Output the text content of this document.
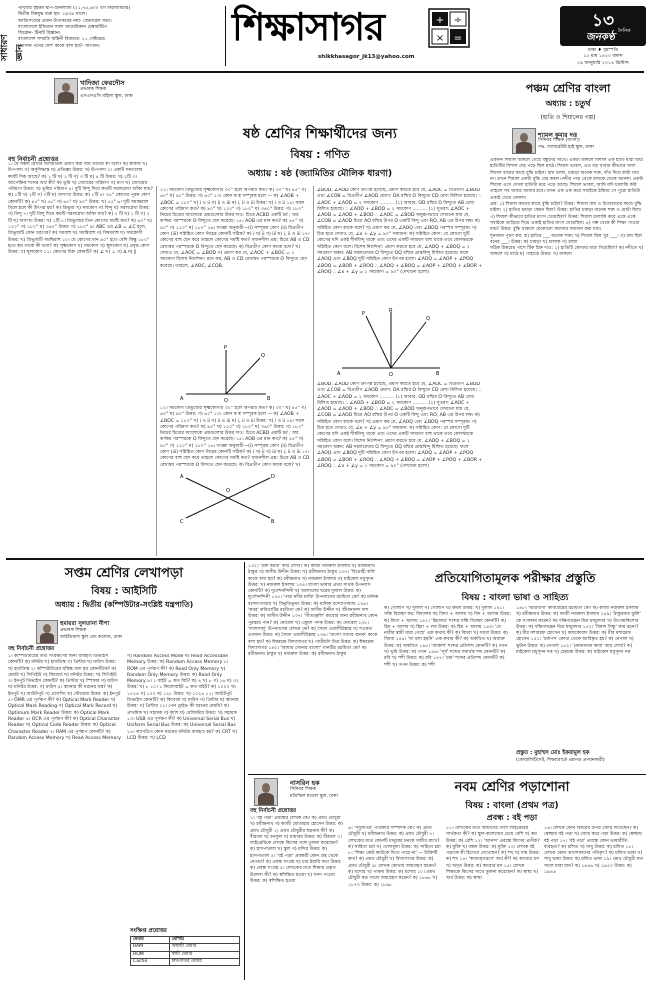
সাধারণ জ্ঞান
পৃথিবীর বৃহত্তম দ্বীপ-গ্রীনল্যান্ড (২১,৭৫,৬০০ বর্গ কিলোমিটার)
দ্বিতীয় বিশ্বযুদ্ধ শুরু হয়- ১৯৩৯ সালে।
জাতিসংঘের প্রধান উপাত্তবের নাম- জেনারেল সভা।
বাংলাদেশে ইন্ডিয়ান সালা আমেরিকান মেম্বারস্টিপ
ফিফ্রেন- টিনার্ট বিজ্ঞান।
বাংলাদেশ সম্প্রতি বাহিনী বিবাচার- ১১ সেক্টরের।
'আসান পথের দেশ' কাকে বলা হয়?- জাপান।	শিক্ষাসাগর	+ ÷
× =
shikkhasagor_jk13@yahoo.com
১৩ দৈনিক
জনকণ্ঠ
ঢাকা ♦ বৃহস্পতি
১৫ মাঘ ১৪২০ বঙ্গাব্দ
২৯ জানুয়ারি ২০১৪ খ্রিস্টাব্দ
খাদিজা ফেরদৌস
প্রভাষক শিক্ষক
এসএসএসি মহিলা স্কুল, ঢাকা
ষষ্ঠ শ্রেণির শিক্ষার্থীদের জন্য
বিষয় : গণিত
অধ্যায় : ষষ্ঠ (জ্যামিতির মৌলিক ধারণা)
বহু নির্বাচনী প্রশ্নোত্তর
১। যে সকল রেখার জ্যামিতিক প্রমাণ করা যায় তাদের কী বলে? ক) স্বীকার্য খ) উপপাদ্য গ) অনুসিদ্ধান্ত ঘ) প্রতিজ্ঞা উত্তর: খ) উপপাদ্য ২। একটি সমতলের কয়টি দিক আছে? ক) ১ টি খ) ২ টি গ) ৩ টি ঘ) ৪ টি উত্তর: খ) ২টি ৩। আপেক্ষিক শব্দের অর্থ কী? ক) ভূমি খ) জ্যোমের পরিমাপ গ) মাপ খ) জ্যোমের পরিমাপ উত্তর: খ) ভূমির পরিমাপ ৪। দুটি বিন্দু দিয়ে কতটি সরলরেখা আঁকা যায়? ক) ১টি খ) ২টি গ) ৩টি ঘ) অসংখ্য উত্তর: ক) ১টি ৫। ৩৫° কোণের পূরক কোণ কোনটি? ক) ৪৫° খ) ৫৫° গ) ৬৫° ঘ) ৯০° উত্তর: খ) ৫৫° ৬। দুটি সমান্তরাল মিলে হলে কী উৎপন্ন হয়? ক) ত্রিভুজ খ) সমকোণ গ) বিন্দু ঘ) সরলরেখা উত্তর: গ) বিন্দু ৭। দুটি বিন্দু দিয়ে কয়টি সরলরেখা আঁকা যায়? ক) ০ টি খ) ১ টি গ) ২ টি ঘ) অসংখ্য উত্তর: খ) ১টি ৮। ত্রিভুজের তিন কোণের সমষ্টি কত? ক) ৬০° খ) ১২০° গ) ১৮০° ঘ) ৩৬০° উত্তর: গ) ১৮০° ৯। ABC এর ∠B = ∠C হলে, ত্রিভুজটি কোন ধরণের? ক) সমবাহু খ) সমদ্বিবাহু গ) বিষমবাহু ঘ) সমকোণী উত্তর: খ) ত্রিভুজটি সমদ্বিবাহু ১০। যে কোণের মান ৯০° হতে বেশি কিন্তু ১৮০° হতে কম তাকে কী বলে? ক) সূক্ষ্মকোণ খ) সমকোণ গ) স্থূলকোণ ঘ) প্রবৃদ্ধ কোণ উত্তর: গ) স্থূলকোণ ১১। কোণের চিহ্ন কোনটি? ক) ∠ খ) ⊥ গ) ∆ ঘ) ∥
১২। সমকোণ ত্রিভুজের সূক্ষ্মকোণটি ৩০° হলে অপরটি কত? ক) ৩০° খ) ৪৫° গ) ৬০° ঘ) ৯০° উত্তর: গ) ৬০° ১৩। কোন ক ঙ্ক সম্পূরক হলে — ক) ∠AOB + ∠BOC = ১৮০° খ) i ও ii গ) ii ও iii ঘ) i, ii ও iii উত্তর: খ) i ও ii ১৪। সরল কোণের পরিমাণ কত? ক) ৯০° খ) ১২০° গ) ১৮০° ঘ) ৩৬০° উত্তর: গ) ১৮০° নিচের চিত্রের আলোকে প্রশ্নগুলোর উত্তর দাও: চিত্রে ACBD একটি চর্ম ; যার কর্ণদ্বয় পরস্পরকে O বিন্দুতে ছেদ করেছে। ১৫। AOB এর মান কত? ক) ৪৫° খ) ৯০° গ) ১২০° ঘ) ১৮০° ১৬। সংজ্ঞা অনুযায়ী—(i) সম্পূরক কোণ (ii) বিপ্রতীপ কোণ (iii) সন্নিহিত কোণ নিচের কোনটি সঠিক? ক) i খ) ii গ) iii ঘ) i, ii ও iii ১৭। কোণের বাহু ছেদ করে তাহলে কোণের সমষ্টি কত? সৃজনশীল প্রশ্ন: চিত্রে AB ও CD রেখাদ্বয় পরস্পরকে O বিন্দুতে ছেদ করেছে। ক) বিপ্রতীপ কোণ কাকে বলে? খ) দেখাও যে, ∠AOC = ∠BOD গ) প্রমাণ কর যে, ∠AOC + ∠BOC = ২ সমকোণ বিশেষ নির্দেশনা: মনে কর, AB ও CD রেখাদ্বয় পরস্পরকে O বিন্দুতে ছেদ করেছে। তাহলে, ∠AOC, ∠COB,
A	B
P
Q
O
১২। সমকোণ ত্রিভুজের সূক্ষ্মকোণটি ৩০° হলে অপরটি কত? ক) ৩০° খ) ৪৫° গ) ৬০° ঘ) ৯০° উত্তর: গ) ৬০° ১৩। কোন ক ঙ্ক সম্পূরক হলে — ক) ∠AOB + ∠BOC = ১৮০° খ) i ও ii গ) ii ও iii ঘ) i, ii ও iii উত্তর: খ) i ও ii ১৪। সরল কোণের পরিমাণ কত? ক) ৯০° খ) ১২০° গ) ১৮০° ঘ) ৩৬০° উত্তর: গ) ১৮০° নিচের চিত্রের আলোকে প্রশ্নগুলোর উত্তর দাও: চিত্রে ACBD একটি চর্ম ; যার কর্ণদ্বয় পরস্পরকে O বিন্দুতে ছেদ করেছে। ১৫। AOB এর মান কত? ক) ৪৫° খ) ৯০° গ) ১২০° ঘ) ১৮০° ১৬। সংজ্ঞা অনুযায়ী—(i) সম্পূরক কোণ (ii) বিপ্রতীপ কোণ (iii) সন্নিহিত কোণ নিচের কোনটি সঠিক? ক) i খ) ii গ) iii ঘ) i, ii ও iii ১৭। কোণের বাহু ছেদ করে তাহলে কোণের সমষ্টি কত? সৃজনশীল প্রশ্ন: চিত্রে AB ও CD রেখাদ্বয় পরস্পরকে O বিন্দুতে ছেদ করেছে। ক) বিপ্রতীপ কোণ কাকে বলে? খ)
A
B
C
D
O
∠BOD, ∠AOD কোণ উৎপন্ন হয়েছে, প্রমাণ করতে হবে যে, ∠AOC = বিপ্রতীপ ∠BOD এবং ∠COB = বিপ্রতীপ ∠AOD প্রমাণ: OA রশ্মির O বিন্দুতে CD রেখা মিলিত হয়েছে। ∴ ∠AOC + ∠AOD = ২ সমকোণ .......... (১) আবার, OD রশ্মির O বিন্দুতে AB রেখা মিলিত হয়েছে। ∴ ∠AOD + ∠BOD = ২ সমকোণ .......... (২) সুতরাং ∠AOC + ∠AOD = ∠AOD + ∠BOD ∴ ∠AOC = ∠BOD অনুরূপভাবে দেখানো যায় যে, ∠COB = ∠AOD চিত্রে AO রশ্মির উপর O একটি বিন্দু এবং RO, AB এর উপর লম্ব। ক) সন্নিহিত কোণ কাকে বলে? খ) প্রমাণ কর যে, ∠AOQ এবং ∠BOQ পরস্পর সম্পূরক। গ) চিত্র হতে দেখাও যে, ∠x + ∠y = ৯০° সমাধান: ক) সন্নিহিত কোণ: যে কোণো দুটি কোণের যদি একই শীর্ষবিন্দু থাকে এবং এদের একটি সাধারণ বাহু থাকে তবে কোণদ্বয়কে সন্নিহিত কোণ বলে। বিশেষ নির্দেশনা: প্রমাণ করতে হবে যে, ∠AOQ + ∠BOQ = ২ সমকোণ অঙ্কন: AB সরলরেখার O বিন্দুতে OQ রশ্মির প্রান্তবিন্দু মিলিত হয়েছে। ফলে ∠AOQ এবং ∠BOQ দুটি সন্নিহিত কোণ উৎপন্ন হলো। ∠AOQ = ∠AOP + ∠POQ ∠BOQ = ∠BOR + ∠ROQ ∴ ∠AOQ + ∠BOQ = ∠AOP + ∠POQ + ∠BOR + ∠ROQ ∴ ∠x + ∠y = ১ সমকোণ = ৯০° (দেখানো হলো)
A	B
P	R
Q
O
∠BOD, ∠AOD কোণ উৎপন্ন হয়েছে, প্রমাণ করতে হবে যে, ∠AOC = বিপ্রতীপ ∠BOD এবং ∠COB = বিপ্রতীপ ∠AOD প্রমাণ: OA রশ্মির O বিন্দুতে CD রেখা মিলিত হয়েছে। ∴ ∠AOC + ∠AOD = ২ সমকোণ .......... (১) আবার, OD রশ্মির O বিন্দুতে AB রেখা মিলিত হয়েছে। ∴ ∠AOD + ∠BOD = ২ সমকোণ .......... (২) সুতরাং ∠AOC + ∠AOD = ∠AOD + ∠BOD ∴ ∠AOC = ∠BOD অনুরূপভাবে দেখানো যায় যে, ∠COB = ∠AOD চিত্রে AO রশ্মির উপর O একটি বিন্দু এবং RO, AB এর উপর লম্ব। ক) সন্নিহিত কোণ কাকে বলে? খ) প্রমাণ কর যে, ∠AOQ এবং ∠BOQ পরস্পর সম্পূরক। গ) চিত্র হতে দেখাও যে, ∠x + ∠y = ৯০° সমাধান: ক) সন্নিহিত কোণ: যে কোণো দুটি কোণের যদি একই শীর্ষবিন্দু থাকে এবং এদের একটি সাধারণ বাহু থাকে তবে কোণদ্বয়কে সন্নিহিত কোণ বলে। বিশেষ নির্দেশনা: প্রমাণ করতে হবে যে, ∠AOQ + ∠BOQ = ২ সমকোণ অঙ্কন: AB সরলরেখার O বিন্দুতে OQ রশ্মির প্রান্তবিন্দু মিলিত হয়েছে। ফলে ∠AOQ এবং ∠BOQ দুটি সন্নিহিত কোণ উৎপন্ন হলো। ∠AOQ = ∠AOP + ∠POQ ∠BOQ = ∠BOR + ∠ROQ ∴ ∠AOQ + ∠BOQ = ∠AOP + ∠POQ + ∠BOR + ∠ROQ ∴ ∠x + ∠y = ১ সমকোণ = ৯০° (দেখানো হলো)
পঞ্চম শ্রেণির বাংলা
অধ্যায় : চতুর্থ
(হাতি ও শিয়ালের গল্প)
শ্যামল কুমার দত্ত
সিনিয়র শিক্ষক (বাংলা)
গভ. ল্যাবরেটরি হাই স্কুল, ঢাকা
একদিন শিয়াল জঙ্গলে গেছে বন্ধুদের সাথে। একটা জঙ্গলে বিশাল এক হাতি মারা যায়। হাতিটির বিশাল দেহ পড়ে ছিল মাঠে। শিয়াল ভাবল, এত বড় খাবার কীভাবে খাব! শিয়াল বাঘের কাছে বুদ্ধি চাইল। বাঘ বলল, চামড়া অনেক শক্ত, দাঁত দিয়ে কাটা যায় না। তখন শিয়াল একটা বুদ্ধি বের করল। নদীর পাড় থেকে বাঘকে ডেকে আনল। একটা শিয়াল এসে দেখল হাতিটা মরে পড়ে আছে। শিয়াল ভাবল, আমি যদি চালাকি করি তাহলে সব খাবার আমার হবে। তখন এক এক করে সবাইকে ঠকিয়ে সে পুরো হাতিটা একাই খেয়ে ফেলল।
প্রশ্ন: ১) শিয়াল কাদের কাছে বুদ্ধি চাইল? উত্তর: শিয়াল বাঘ ও চিতাবাঘের কাছে বুদ্ধি চাইল। ২) হাতির চামড়া কেমন ছিল? উত্তর: হাতির চামড়া অনেক শক্ত ও মোটা ছিল। ৩) শিয়াল কীভাবে হাতির মাংস খেয়েছিল? উত্তর: শিয়াল চালাকি করে একে একে সবাইকে তাড়িয়ে দিয়ে একাই হাতির মাংস খেয়েছিল। ৪) গল্প থেকে কী শিক্ষা পাওয়া যায়? উত্তর: বুদ্ধি থাকলে যেকোনো সমস্যার সমাধান করা যায়।
শূন্যস্থান পূরণ কর: ক) হাতির ___ অনেক শক্ত। খ) শিয়াল ছিল খুব ___। গ) বাঘ ছিল বনের ___। উত্তর: ক) চামড়া খ) চালাক গ) রাজা
সঠিক উত্তরের পাশে টিক চিহ্ন দাও: ১) হাতিটি কোথায় মারা গিয়েছিল? ক) নদীতে খ) জঙ্গলে গ) মাঠে ঘ) পাহাড়ে উত্তর: খ) জঙ্গলে
সপ্তম শ্রেণির লেখাপড়া
বিষয় : আইসিটি
অধ্যায় : দ্বিতীয় (কম্পিউটার-সংশ্লিষ্ট যন্ত্রপাতি)
হুমায়রা সুলতানা নীপা
প্রভাষক শিক্ষক
আইডিয়াল স্কুল এন্ড কলেজ, ঢাকা
বহু নির্বাচনী প্রশ্নোত্তর
১। কম্পিউটারের তথ্য সংরক্ষণের জন্য ব্যবহৃত ডিভাইস কোনটি? ক) মনিটর খ) হার্ডডিস্ক গ) প্রিন্টার ঘ) মাউস উত্তর: খ) হার্ডডিস্ক ২। কম্পিউটারের মস্তিষ্ক বলা হয় কোনটিকে? ক) মেমরি খ) সিপিইউ গ) কিবোর্ড ঘ) মনিটর উত্তর: খ) সিপিইউ ৩। ইনপুট ডিভাইস কোনটি? ক) প্রিন্টার খ) স্পিকার গ) মাউস ঘ) মনিটর উত্তর: গ) মাউস ৪। স্ক্যানার কী ধরনের যন্ত্র? ক) ইনপুট খ) আউটপুট গ) প্রসেসিং ঘ) স্টোরেজ উত্তর: ক) ইনপুট ৫। OMR এর পূর্ণরূপ কী? ক) Optical Mark Reader খ) Optical Mark Reading গ) Optical Mark Record ঘ) Optimum Mark Reader উত্তর: ক) Optical Mark Reader ৬। OCR এর পূর্ণরূপ কী? ক) Optical Character Reader খ) Optical Code Reader উত্তর: ক) Optical Character Reader ৭। RAM এর পূর্ণরূপ কোনটি? ক) Random Access Memory খ) Read Access Memory গ) Random Access Mode ঘ) Read Accessible Memory উত্তর: ক) Random Access Memory ৮। ROM এর পূর্ণরূপ কী? ক) Read Only Memory খ) Random Only Memory উত্তর: ক) Read Only Memory ৯। ১ বাইট = কত বিট? ক) ৪ খ) ৮ গ) ১৬ ঘ) ৩২ উত্তর: খ) ৮ ১০। ১ কিলোবাইট = কত বাইট? ক) ১০০০ খ) ১০২৪ গ) ১০০ ঘ) ১২৮ উত্তর: খ) ১০২৪ ১১। আউটপুট ডিভাইস কোনটি? ক) কিবোর্ড খ) মাউস গ) প্রিন্টার ঘ) স্ক্যানার উত্তর: গ) প্রিন্টার ১২। পেন ড্রাইভ কী ধরনের মেমরি? ক) প্রাথমিক খ) সহায়ক গ) ক্যাশ ঘ) রেজিস্টার উত্তর: খ) সহায়ক ১৩। USB এর পূর্ণরূপ কী? ক) Universal Serial Bus খ) Uniform Serial Bus উত্তর: ক) Universal Serial Bus ১৪। ল্যাপটপে কোন ধরনের মনিটর ব্যবহৃত হয়? ক) CRT খ) LCD উত্তর: খ) LCD
সংক্ষিপ্ত প্রশ্নোত্তর
মেমরি	বৈশিষ্ট্য
RAM	অস্থায়ী মেমরি
ROM	স্থায়ী মেমরি
Cache	দ্রুতগতির মেমরি
১৩২। 'রক্ত করবী' কার লেখা? ক) কাজী নজরুল ইসলাম খ) রবীন্দ্রনাথ ঠাকুর গ) জসীম উদ্দীন উত্তর: খ) রবীন্দ্রনাথ ঠাকুর ১৩৩। 'বিদ্রোহী কবি' কাকে বলা হয়? ক) রবীন্দ্রনাথ খ) নজরুল ইসলাম গ) মাইকেল মধুসূদন উত্তর: খ) নজরুল ইসলাম ১৩৪। বাংলা ভাষার প্রথম সার্থক উপন্যাস কোনটি? ক) দুর্গেশনন্দিনী খ) আলালের ঘরের দুলাল উত্তর: ক) দুর্গেশনন্দিনী ১৩৫। 'পদ্মা নদীর মাঝি' উপন্যাসের রচয়িতা কে? ক) মানিক বন্দ্যোপাধ্যায় খ) বিভূতিভূষণ উত্তর: ক) মানিক বন্দ্যোপাধ্যায় ১৩৬। 'কবর' কবিতাটির রচয়িতা কে? ক) জসীম উদ্দীন খ) জীবনানন্দ দাশ উত্তর: ক) জসীম উদ্দীন ১৩৭। 'গীতাঞ্জলি' কাব্যের জন্য রবীন্দ্রনাথ কোন পুরস্কার পান? ক) নোবেল খ) একুশে পদক উত্তর: ক) নোবেল ১৩৮। 'লালসালু' উপন্যাসের লেখক কে? ক) সৈয়দ ওয়ালীউল্লাহ খ) শওকত ওসমান উত্তর: ক) সৈয়দ ওয়ালীউল্লাহ ১৩৯। 'বাংলা গদ্যের জনক' কাকে বলা হয়? ক) ঈশ্বরচন্দ্র বিদ্যাসাগর খ) প্যারীচাঁদ মিত্র উত্তর: ক) ঈশ্বরচন্দ্র বিদ্যাসাগর ১৪০। 'আমার সোনার বাংলা' গানটির রচয়িতা কে? ক) রবীন্দ্রনাথ ঠাকুর খ) নজরুল উত্তর: ক) রবীন্দ্রনাথ ঠাকুর
প্রতিযোগিতামূলক পরীক্ষার প্রস্তুতি
বিষয় : বাংলা ভাষা ও সাহিত্য
ক) গোলাপ খ) দুলাল গ) গোলাপ ঘ) কমল উত্তর: খ) দুলাল ১৪১। সন্ধি বিচ্ছেদ কর: বিদ্যালয় ক) বিদ্যা + আলয় খ) বিদ + আলয় উত্তর: ক) বিদ্যা + আলয় ১৪২। 'হিমালয়' শব্দের সন্ধি বিচ্ছেদ কোনটি? ক) হিম + আলয় খ) হিমা + লয় উত্তর: ক) হিম + আলয় ১৪৩। 'যে নারীর স্বামী মারা গেছে' এক কথায় কী? ক) বিধবা খ) সধবা উত্তর: ক) বিধবা ১৪৪। 'যা বলা হয়নি' এক কথায় কী? ক) অকথিত খ) অব্যক্ত উত্তর: ক) অকথিত ১৪৫। 'আকাশ' শব্দের প্রতিশব্দ কোনটি? ক) গগন খ) ভূমি উত্তর: ক) গগন ১৪৬। 'সূর্য' শব্দের সমার্থক শব্দ কোনটি? ক) রবি খ) শশী উত্তর: ক) রবি ১৪৭। 'চন্দ্র' শব্দের প্রতিশব্দ কোনটি? ক) শশী খ) তপন উত্তর: ক) শশী
১৪৮। 'অগ্নিবীণা' কাব্যগ্রন্থের রচয়িতা কে? ক) কাজী নজরুল ইসলাম খ) রবীন্দ্রনাথ উত্তর: ক) কাজী নজরুল ইসলাম ১৪৯। 'ঠাকুরমার ঝুলি' কে সংকলন করেন? ক) দক্ষিণারঞ্জন মিত্র মজুমদার খ) উপেন্দ্রকিশোর উত্তর: ক) দক্ষিণারঞ্জন মিত্র মজুমদার ১৫০। 'বিষাদ সিন্ধু' কার রচনা? ক) মীর মশাররফ হোসেন খ) কায়কোবাদ উত্তর: ক) মীর মশাররফ হোসেন ১৫১। 'চর্যাপদ' কোথা থেকে আবিষ্কৃত হয়? ক) নেপাল খ) ভুটান উত্তর: ক) নেপাল ১৫২। 'মেঘনাদবধ কাব্য' কার লেখা? ক) মাইকেল মধুসূদন দত্ত খ) হেমচন্দ্র উত্তর: ক) মাইকেল মধুসূদন দত্ত
প্রস্তুত : মুহাম্মদ মোঃ ইকরামুল হক
(কোয়ালিটিসেট, শিক্ষাবোর্ডে প্রশ্নপত্র প্রণয়নকারী)
নাসরিন হক
সিনিয়র শিক্ষক
মতিঝিল মডেল স্কুল, ঢাকা
নবম শ্রেণির পড়াশোনা
বিষয় : বাংলা (প্রথম পত্র)
প্রবন্ধ : বই পড়া
বহু নির্বাচনী প্রশ্নোত্তর
১। 'বই পড়া' প্রবন্ধের লেখক কে? ক) প্রমথ চৌধুরী খ) রবীন্দ্রনাথ গ) কাজী মোতাহার হোসেন উত্তর: ক) প্রমথ চৌধুরী ২। প্রমথ চৌধুরীর ছদ্মনাম কী? ক) বীরবল খ) বনফুল গ) যাযাবর উত্তর: ক) বীরবল ৩। লাইব্রেরিকে লেখক কিসের সঙ্গে তুলনা করেছেন? ক) হাসপাতাল খ) স্কুল গ) মন্দির উত্তর: ক) হাসপাতাল ৪। 'বই পড়া' প্রবন্ধটি কোন গ্রন্থ থেকে নেওয়া? ক) প্রবন্ধ সংগ্রহ খ) চার ইয়ারি কথা উত্তর: ক) প্রবন্ধ সংগ্রহ ৫। লেখকের মতে শিক্ষার প্রকৃত উদ্দেশ্য কী? ক) স্বশিক্ষিত হওয়া খ) সনদ পাওয়া উত্তর: ক) স্বশিক্ষিত হওয়া
৬। 'সবুজপত্র' পত্রিকার সম্পাদক কে? ক) প্রমথ চৌধুরী খ) রবীন্দ্রনাথ উত্তর: ক) প্রমথ চৌধুরী ৭। লেখকের মতে কোনটি মানুষের মনকে সজীব রাখে? ক) সাহিত্য চর্চা খ) খেলাধুলা উত্তর: ক) সাহিত্য চর্চা ৮। 'শিক্ষা কেউ কাউকে দিতে পারে না' — উক্তিটি কার? ক) প্রমথ চৌধুরী খ) বিদ্যাসাগর উত্তর: ক) প্রমথ চৌধুরী ৯। লেখক কোথায় জন্মগ্রহণ করেন? ক) যশোর খ) পাবনা উত্তর: ক) যশোর ১০। প্রমথ চৌধুরী কত সালে জন্মগ্রহণ করেন? ক) ১৮৬৮ খ) ১৮৭০ উত্তর: ক) ১৮৬৮
১১। লেখকের মতে আমাদের দেশে লাইব্রেরির সার্থকতা কী? ক) স্কুল-কলেজের চেয়ে বেশি খ) কম উত্তর: ক) বেশি ১২। 'আনন্দ' প্রবন্ধে কিসের প্রতীক? ক) মুক্তি খ) বন্ধন উত্তর: ক) মুক্তি ১৩। লেখক বই পড়াকে কী হিসেবে দেখেছেন? ক) শখ খ) দায় উত্তর: ক) শখ ১৪। 'কাব্যামৃতরসে' অর্থ কী? ক) কাব্যের রস খ) অমৃত উত্তর: ক) কাব্যের রস ১৫। লেখক শিক্ষাকে কিসের সাথে তুলনা করেছেন? ক) স্বাস্থ্য খ) অর্থ উত্তর: ক) স্বাস্থ্য
১৬। লেখক কোন বিষয়ের উপর জোর দিয়েছেন? ক) স্বেচ্ছায় বই পড়া খ) জোর করে পড়া উত্তর: ক) স্বেচ্ছায় বই পড়া ১৭। 'বই পড়া' প্রবন্ধে কোন ভাষারীতি ব্যবহৃত? ক) চলিত খ) সাধু উত্তর: ক) চলিত ১৮। লেখক কোন আন্দোলনের পথিকৃৎ? ক) চলিত ভাষা খ) সাধু ভাষা উত্তর: ক) চলিত ভাষা ১৯। প্রমথ চৌধুরী কত সালে মারা যান? ক) ১৯৪৬ খ) ১৯৫০ উত্তর: ক) ১৯৪৬
